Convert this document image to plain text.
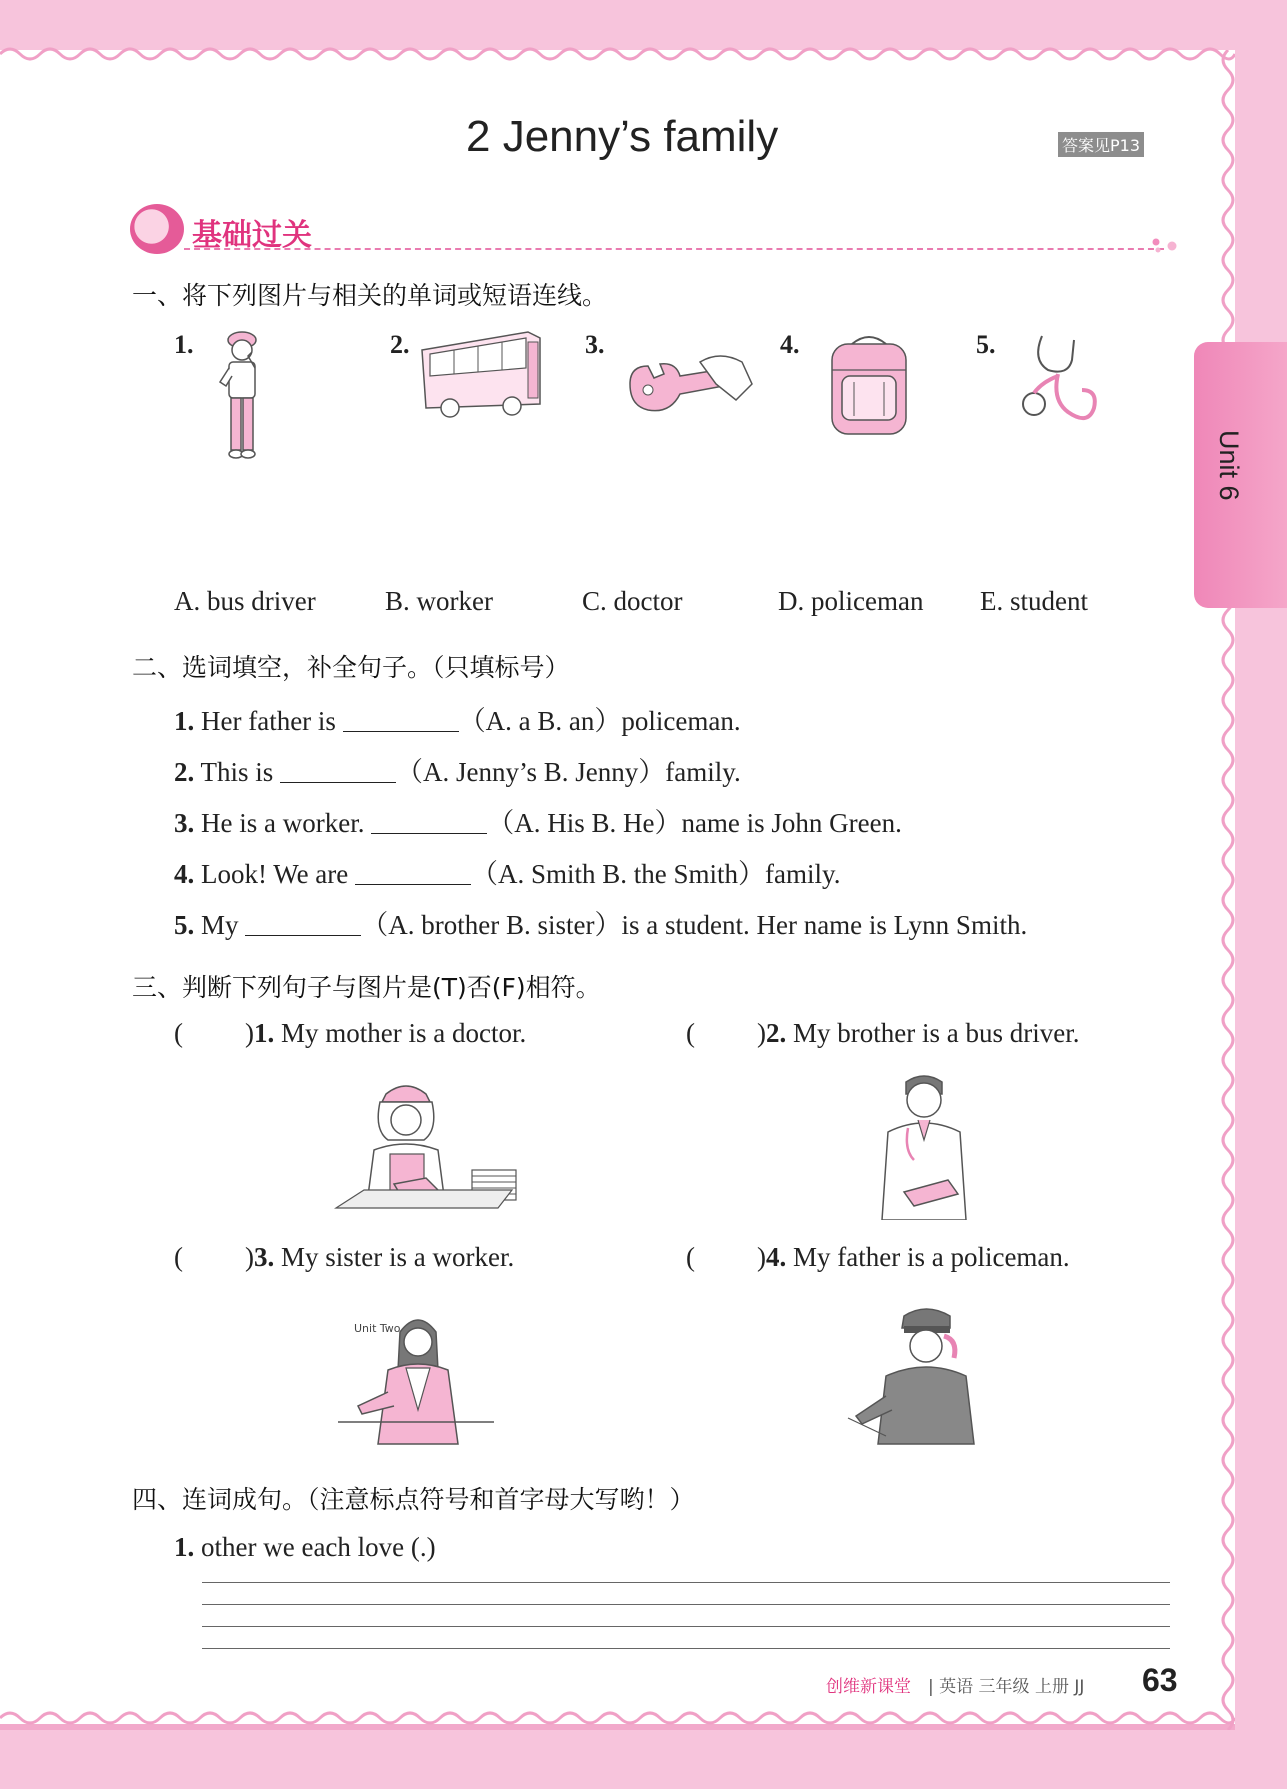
2 Jenny’s family	答案见P13
Unit 6
基础过关
一、将下列图片与相关的单词或短语连线。
1.	2.	3.	4.	5.
A. bus driver	B. worker	C. doctor	D. policeman E. student
二、选词填空，补全句子。（只填标号）
1. Her father is	（A. a B. an）policeman.
2. This is	（A. Jenny’s B. Jenny）family.
3. He is a worker.	（A. His B. He）name is John Green.
4. Look! We are	（A. Smith B. the Smith）family.
5. My	（A. brother B. sister）is a student. Her name is Lynn Smith.
三、判断下列句子与图片是(T)否(F)相符。
( )1. My mother is a doctor.	( )2. My brother is a bus driver.
( )3. My sister is a worker.	( )4. My father is a policeman.
Unit Two
四、连词成句。（注意标点符号和首字母大写哟！）
1. other we each love (.)
创维新课堂 | 英语 三年级 上册 JJ 63
